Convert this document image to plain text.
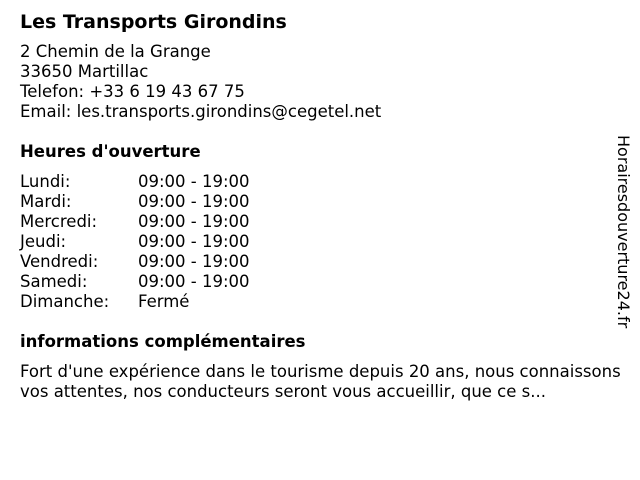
Les Transports Girondins
2 Chemin de la Grange
33650 Martillac
Telefon: +33 6 19 43 67 75
Email: les.transports.girondins@cegetel.net
Heures d'ouverture
Lundi:	09:00 - 19:00
Mardi:	09:00 - 19:00
Mercredi:	09:00 - 19:00
Jeudi:	09:00 - 19:00
Vendredi:	09:00 - 19:00
Samedi:	09:00 - 19:00
Dimanche:	Fermé
informations complémentaires
Fort d'une expérience dans le tourisme depuis 20 ans, nous connaissons vos attentes, nos conducteurs seront vous accueillir, que ce s...
Horairesdouverture24.fr
